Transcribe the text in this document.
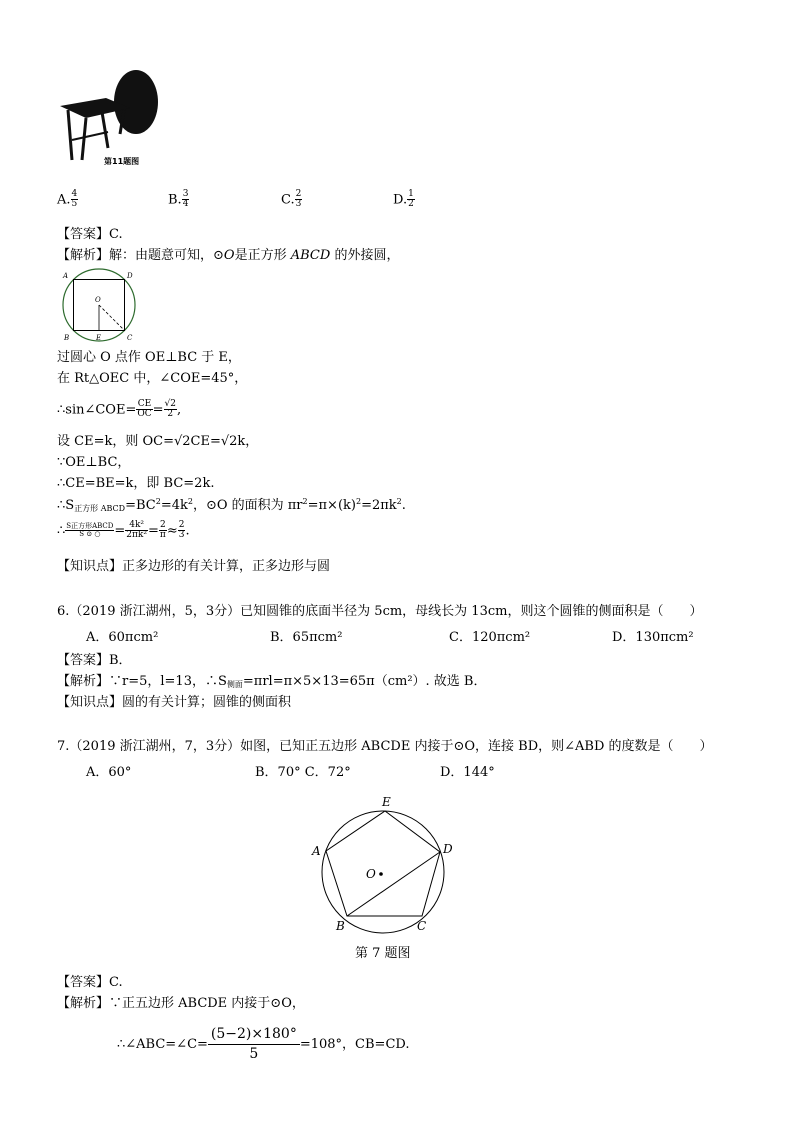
第11题图
A. $\frac{4}{5}$	B. $\frac{3}{4}$	C. $\frac{2}{3}$	D. $\frac{1}{2}$
【答案】C.
【解析】解：由题意可知，⊙O是正方形 ABCD 的外接圆，
A	D
O
B	E	C
过圆心 O 点作 OE⊥BC 于 E，
在 Rt△OEC 中，∠COE=45°，
∴sin∠COE= $\frac{CE}{OC} = \frac{√2}{2}$ ,
设 CE=k，则 OC=√2CE=√2k，
∵OE⊥BC，
∴CE=BE=k，即 BC=2k.
$\therefore S_{正方形 ABCD}=BC^2=4k^2$，⊙O 的面积为 $\pi r^2=\pi\times(k)^2=2\pi k^2$.
∴ $\frac{\text{S正方形ABCD}}{S ⊙ ○} = \frac{\text{4k²}}{\text{2πk²}} = \frac{2}{\pi} \approx \frac{2}{3}$ .
【知识点】正多边形的有关计算，正多边形与圆
6.（2019 浙江湖州，5，3分）已知圆锥的底面半径为 5cm，母线长为 13cm，则这个圆锥的侧面积是（　　）
A．60πcm²	B．65πcm²	C．120πcm²	D．130πcm²
【答案】B．
【解析】∵r=5，l=13，$\therefore S_{侧面}=\pi rl=\pi\times 5\times 13=65\pi(cm^2)$. 故选 B．
【知识点】圆的有关计算；圆锥的侧面积
7.（2019 浙江湖州，7，3分）如图，已知正五边形 ABCDE 内接于⊙O，连接 BD，则∠ABD 的度数是（　　）
A．60°	B．70° C．72°	D．144°
E
A	D
O
B	C
第 7 题图
【答案】C.
【解析】∵正五边形 ABCDE 内接于⊙O，
∴∠ABC=∠C= $\frac{(5-2)\times 180^\circ}{5} =108^\circ$，CB=CD.
